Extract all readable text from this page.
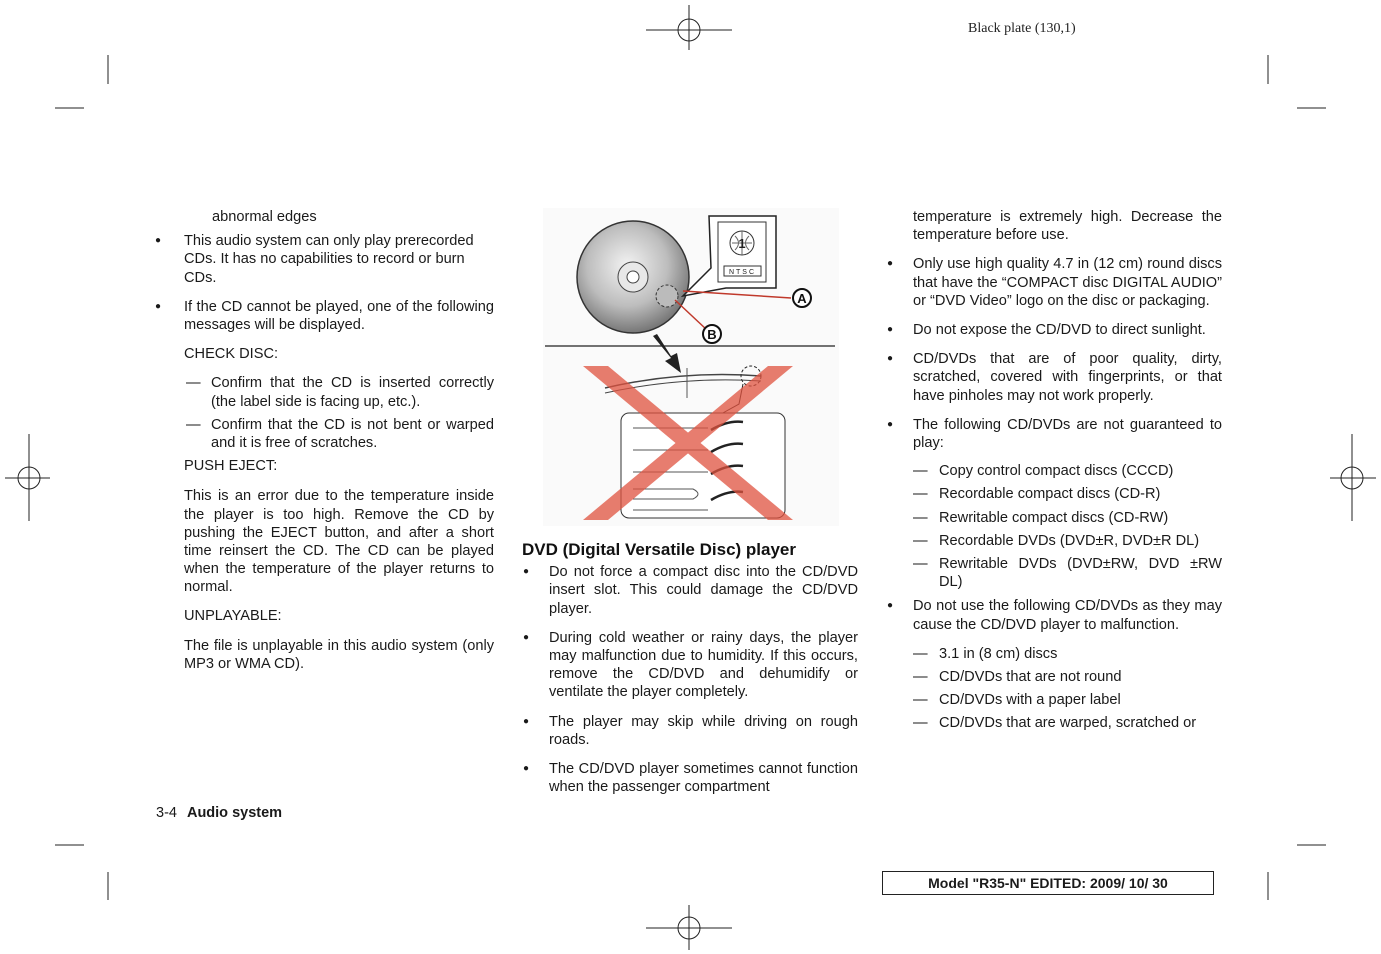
Black plate (130,1)

abnormal edges

● This audio system can only play prerecorded CDs. It has no capabilities to record or burn CDs.

● If the CD cannot be played, one of the following messages will be displayed.

CHECK DISC:

— Confirm that the CD is inserted correctly (the label side is facing up, etc.).

— Confirm that the CD is not bent or warped and it is free of scratches.

PUSH EJECT:

This is an error due to the temperature inside the player is too high. Remove the CD by pushing the EJECT button, and after a short time reinsert the CD. The CD can be played when the temperature of the player returns to normal.

UNPLAYABLE:

The file is unplayable in this audio system (only MP3 or WMA CD).

1
NTSC
A
B

DVD (Digital Versatile Disc) player

● Do not force a compact disc into the CD/DVD insert slot. This could damage the CD/DVD player.

● During cold weather or rainy days, the player may malfunction due to humidity. If this occurs, remove the CD/DVD and dehumidify or ventilate the player completely.

● The player may skip while driving on rough roads.

● The CD/DVD player sometimes cannot function when the passenger compartment

temperature is extremely high. Decrease the temperature before use.

● Only use high quality 4.7 in (12 cm) round discs that have the “COMPACT disc DIGITAL AUDIO” or “DVD Video” logo on the disc or packaging.

● Do not expose the CD/DVD to direct sunlight.

● CD/DVDs that are of poor quality, dirty, scratched, covered with fingerprints, or that have pinholes may not work properly.

● The following CD/DVDs are not guaranteed to play:

— Copy control compact discs (CCCD)

— Recordable compact discs (CD-R)

— Rewritable compact discs (CD-RW)

— Recordable DVDs (DVD±R, DVD±R DL)

— Rewritable DVDs (DVD±RW, DVD ±RW DL)

● Do not use the following CD/DVDs as they may cause the CD/DVD player to malfunction.

— 3.1 in (8 cm) discs

— CD/DVDs that are not round

— CD/DVDs with a paper label

— CD/DVDs that are warped, scratched or

3-4 Audio system
Model "R35-N" EDITED: 2009/ 10/ 30
